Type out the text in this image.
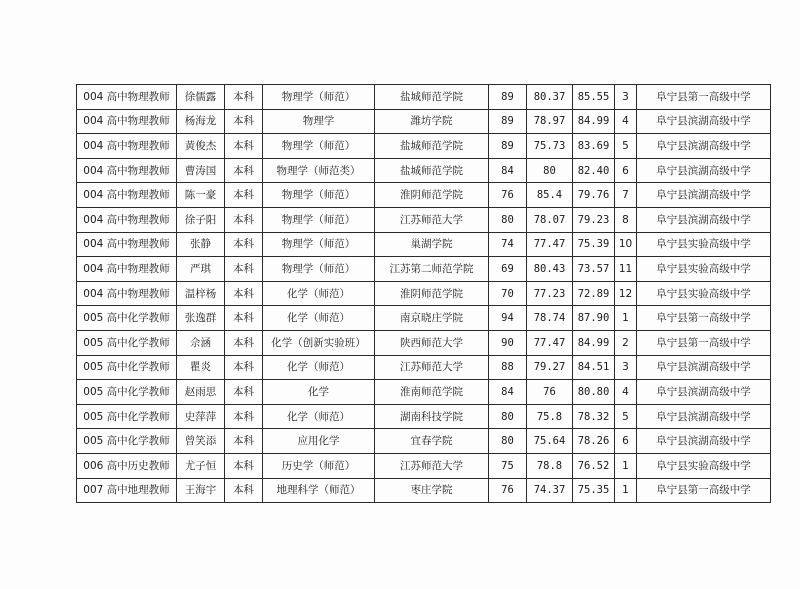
004 高中物理教师	徐儒露	本科	物理学（师范）	盐城师范学院	89	80.37	85.55	3	阜宁县第一高级中学
004 高中物理教师	杨海龙	本科	物理学	潍坊学院	89	78.97	84.99	4	阜宁县滨湖高级中学
004 高中物理教师	黄俊杰	本科	物理学（师范）	盐城师范学院	89	75.73	83.69	5	阜宁县滨湖高级中学
004 高中物理教师	曹涛国	本科	物理学（师范类）	盐城师范学院	84	80	82.40	6	阜宁县滨湖高级中学
004 高中物理教师	陈一豪	本科	物理学（师范）	淮阴师范学院	76	85.4	79.76	7	阜宁县滨湖高级中学
004 高中物理教师	徐子阳	本科	物理学（师范）	江苏师范大学	80	78.07	79.23	8	阜宁县滨湖高级中学
004 高中物理教师	张静	本科	物理学（师范）	巢湖学院	74	77.47	75.39	10	阜宁县实验高级中学
004 高中物理教师	严琪	本科	物理学（师范）	江苏第二师范学院	69	80.43	73.57	11	阜宁县实验高级中学
004 高中物理教师	温梓杨	本科	化学（师范）	淮阴师范学院	70	77.23	72.89	12	阜宁县实验高级中学
005 高中化学教师	张逸群	本科	化学（师范）	南京晓庄学院	94	78.74	87.90	1	阜宁县第一高级中学
005 高中化学教师	佘涵	本科	化学（创新实验班）	陕西师范大学	90	77.47	84.99	2	阜宁县第一高级中学
005 高中化学教师	瞿炎	本科	化学（师范）	江苏师范大学	88	79.27	84.51	3	阜宁县滨湖高级中学
005 高中化学教师	赵雨思	本科	化学	淮南师范学院	84	76	80.80	4	阜宁县滨湖高级中学
005 高中化学教师	史萍萍	本科	化学（师范）	湖南科技学院	80	75.8	78.32	5	阜宁县滨湖高级中学
005 高中化学教师	曾笑添	本科	应用化学	宜春学院	80	75.64	78.26	6	阜宁县滨湖高级中学
006 高中历史教师	尤子恒	本科	历史学（师范）	江苏师范大学	75	78.8	76.52	1	阜宁县实验高级中学
007 高中地理教师	王海宇	本科	地理科学（师范）	枣庄学院	76	74.37	75.35	1	阜宁县第一高级中学
